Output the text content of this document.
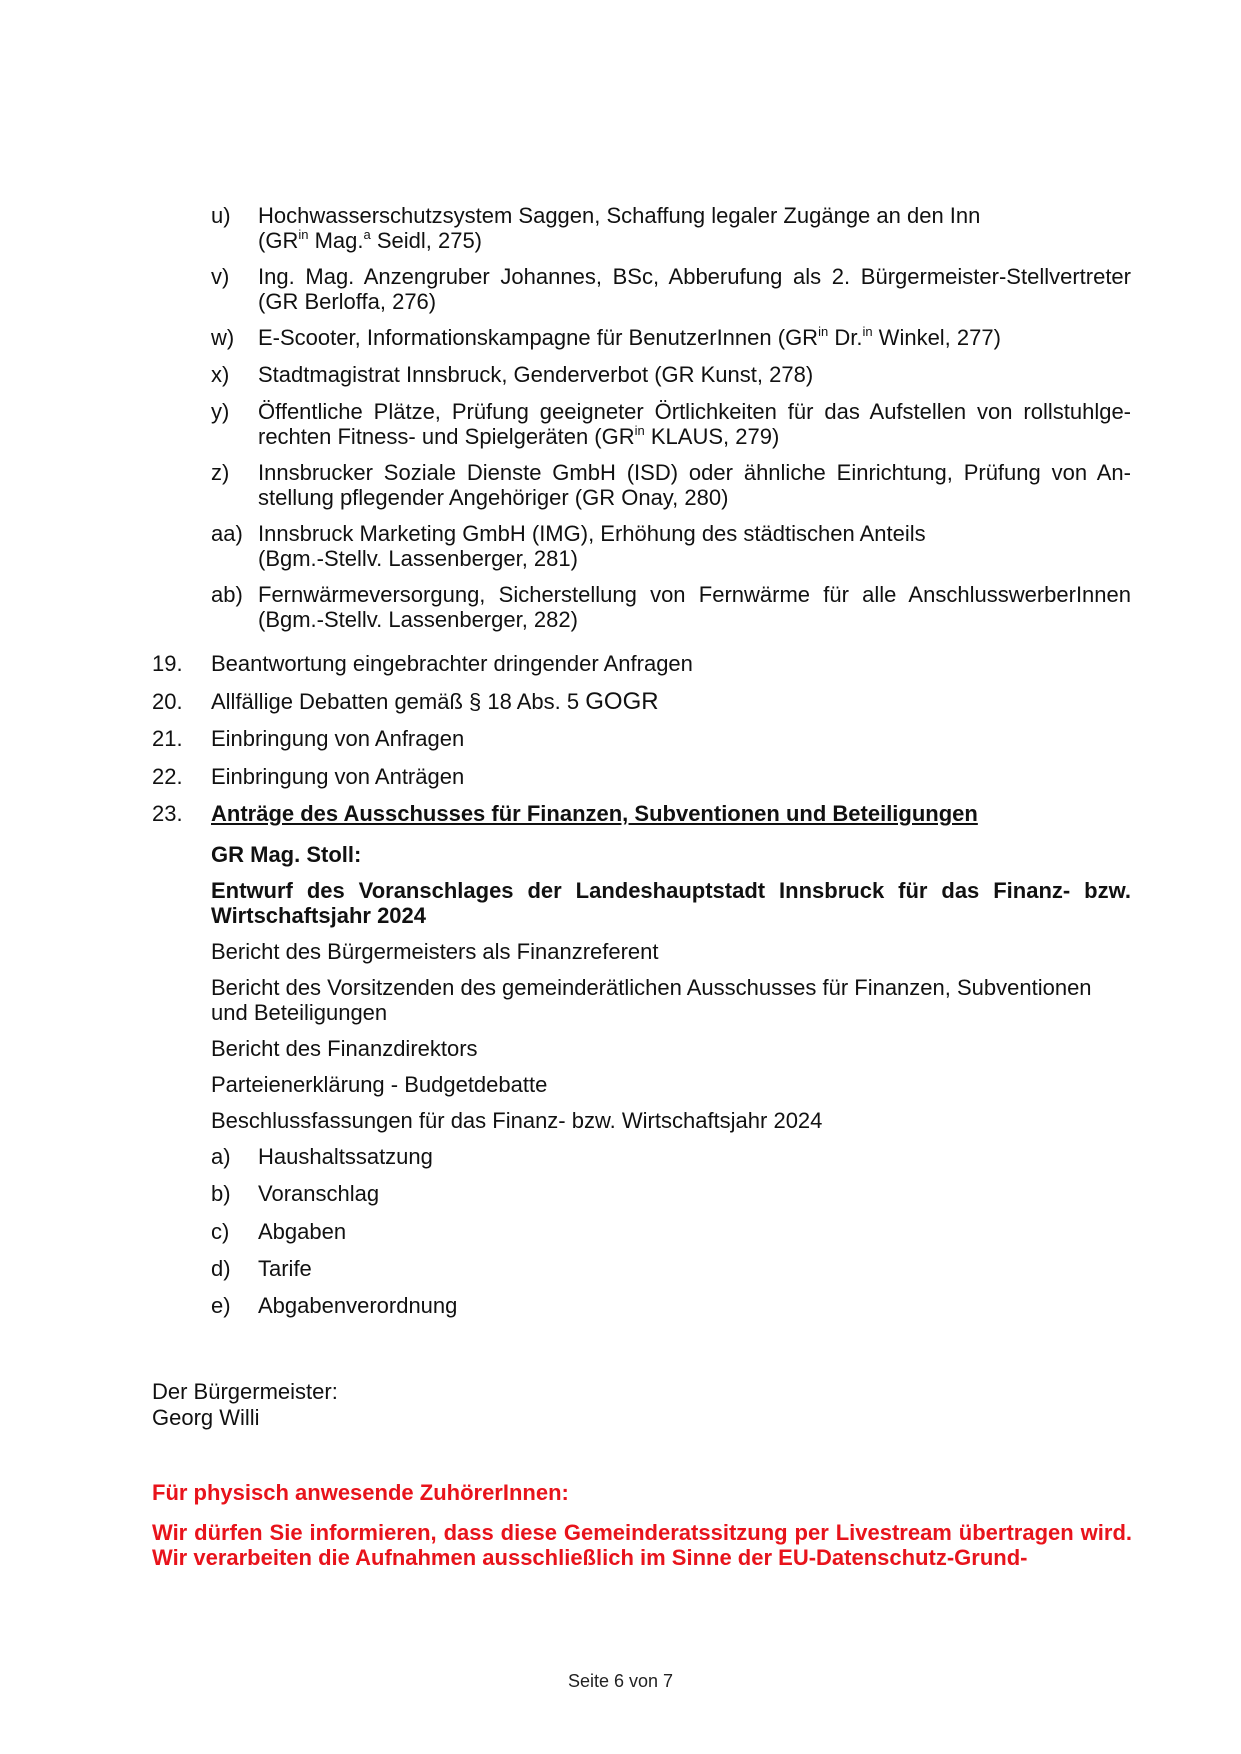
u)	Hochwasserschutzsystem Saggen, Schaffung legaler Zugänge an den Inn
($GR^{in}$ Mag.$^a$ Seidl, 275)
v)	Ing. Mag. Anzengruber Johannes, BSc, Abberufung als 2. Bürgermeister-Stellvertreter (GR Berloffa, 276)
w)	E-Scooter, Informationskampagne für BenutzerInnen ($GR^{in}$ Dr.$^{in}$ Winkel, 277)
x)	Stadtmagistrat Innsbruck, Genderverbot (GR Kunst, 278)
y)	Öffentliche Plätze, Prüfung geeigneter Örtlichkeiten für das Aufstellen von rollstuhlge-rechten Fitness- und Spielgeräten ($GR^{in}$ KLAUS, 279)
z)	Innsbrucker Soziale Dienste GmbH (ISD) oder ähnliche Einrichtung, Prüfung von An-stellung pflegender Angehöriger (GR Onay, 280)
aa) Innsbruck Marketing GmbH (IMG), Erhöhung des städtischen Anteils
(Bgm.-Stellv. Lassenberger, 281)
ab) Fernwärmeversorgung, Sicherstellung von Fernwärme für alle AnschlusswerberInnen (Bgm.-Stellv. Lassenberger, 282)
19.	Beantwortung eingebrachter dringender Anfragen
20.	Allfällige Debatten gemäß § 18 Abs. 5 GOGR
21.	Einbringung von Anfragen
22.	Einbringung von Anträgen
23.	Anträge des Ausschusses für Finanzen, Subventionen und Beteiligungen
GR Mag. Stoll:
Entwurf des Voranschlages der Landeshauptstadt Innsbruck für das Finanz- bzw. Wirtschaftsjahr 2024
Bericht des Bürgermeisters als Finanzreferent
Bericht des Vorsitzenden des gemeinderätlichen Ausschusses für Finanzen, Subventionen und Beteiligungen
Bericht des Finanzdirektors
Parteienerklärung - Budgetdebatte
Beschlussfassungen für das Finanz- bzw. Wirtschaftsjahr 2024
a)	Haushaltssatzung
b)	Voranschlag
c)	Abgaben
d)	Tarife
e)	Abgabenverordnung
Der Bürgermeister:
Georg Willi
Für physisch anwesende ZuhörerInnen:
Wir dürfen Sie informieren, dass diese Gemeinderatssitzung per Livestream übertragen wird. Wir verarbeiten die Aufnahmen ausschließlich im Sinne der EU-Datenschutz-Grund-
Seite 6 von 7
